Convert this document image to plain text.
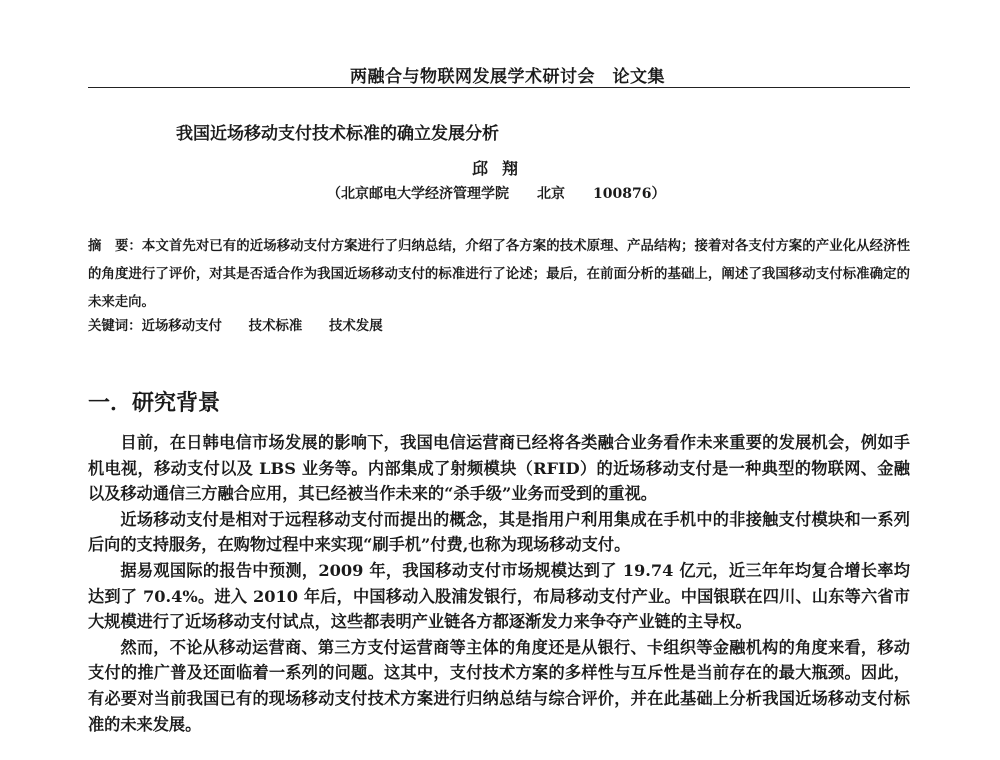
两融合与物联网发展学术研讨会　论文集
我国近场移动支付技术标准的确立发展分析
邱翔
（北京邮电大学经济管理学院　　北京　　100876）
摘　要：本文首先对已有的近场移动支付方案进行了归纳总结，介绍了各方案的技术原理、产品结构；接着对各支付方案的产业化从经济性的角度进行了评价，对其是否适合作为我国近场移动支付的标准进行了论述；最后，在前面分析的基础上，阐述了我国移动支付标准确定的未来走向。
关键词：近场移动支付　　技术标准　　技术发展
一．研究背景

目前，在日韩电信市场发展的影响下，我国电信运营商已经将各类融合业务看作未来重要的发展机会，例如手机电视，移动支付以及 LBS 业务等。内部集成了射频模块（RFID）的近场移动支付是一种典型的物联网、金融以及移动通信三方融合应用，其已经被当作未来的“杀手级”业务而受到的重视。

近场移动支付是相对于远程移动支付而提出的概念，其是指用户利用集成在手机中的非接触支付模块和一系列后向的支持服务，在购物过程中来实现“刷手机”付费,也称为现场移动支付。

据易观国际的报告中预测，2009 年，我国移动支付市场规模达到了 19.74 亿元，近三年年均复合增长率均达到了 70.4%。进入 2010 年后，中国移动入股浦发银行，布局移动支付产业。中国银联在四川、山东等六省市大规模进行了近场移动支付试点，这些都表明产业链各方都逐渐发力来争夺产业链的主导权。

然而，不论从移动运营商、第三方支付运营商等主体的角度还是从银行、卡组织等金融机构的角度来看，移动支付的推广普及还面临着一系列的问题。这其中，支付技术方案的多样性与互斥性是当前存在的最大瓶颈。因此，有必要对当前我国已有的现场移动支付技术方案进行归纳总结与综合评价，并在此基础上分析我国近场移动支付标准的未来发展。
